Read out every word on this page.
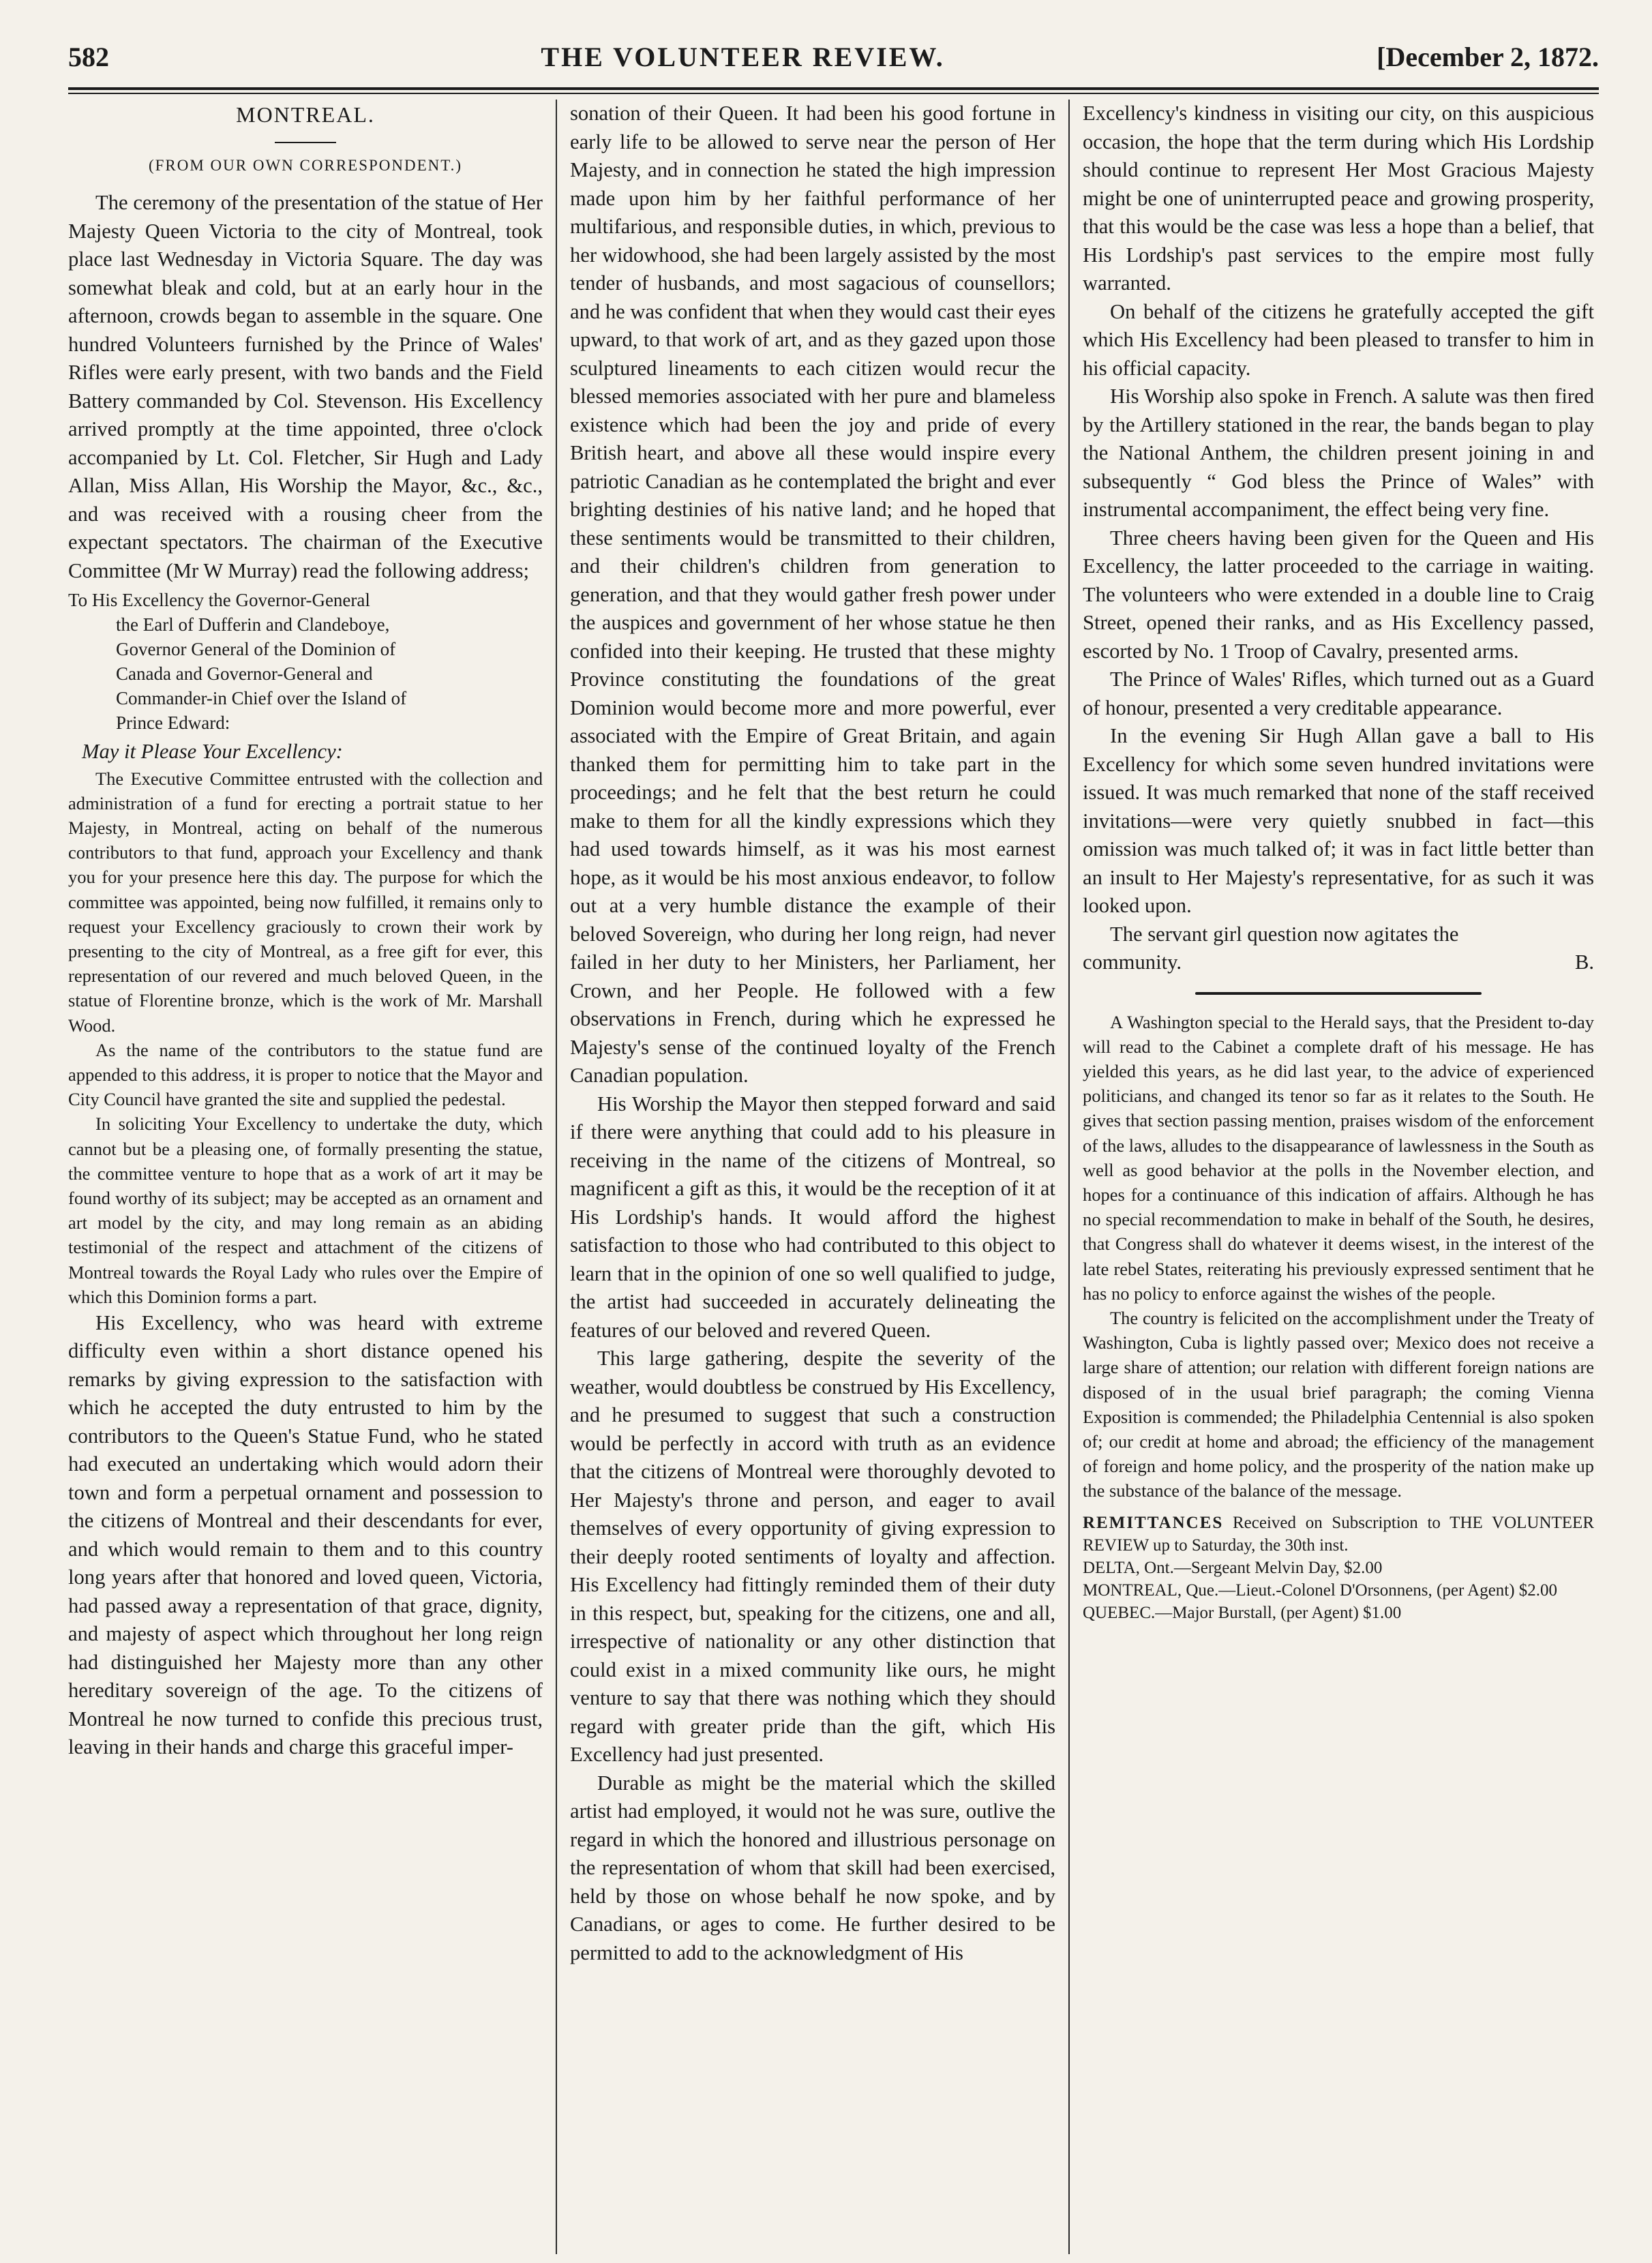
582	THE VOLUNTEER REVIEW.	[December 2, 1872.

MONTREAL.

(FROM OUR OWN CORRESPONDENT.)

The ceremony of the presentation of the statue of Her Majesty Queen Victoria to the city of Montreal, took place last Wednesday in Victoria Square. The day was somewhat bleak and cold, but at an early hour in the afternoon, crowds began to assemble in the square. One hundred Volunteers furnished by the Prince of Wales' Rifles were early present, with two bands and the Field Battery commanded by Col. Stevenson. His Excellency arrived promptly at the time appointed, three o'clock accompanied by Lt. Col. Fletcher, Sir Hugh and Lady Allan, Miss Allan, His Worship the Mayor, &c., &c., and was received with a rousing cheer from the expectant spectators. The chairman of the Executive Committee (Mr W Murray) read the following address;

To His Excellency the Governor-General

the Earl of Dufferin and Clandeboye,

Governor General of the Dominion of

Canada and Governor-General and

Commander-in Chief over the Island of

Prince Edward:

May it Please Your Excellency:

The Executive Committee entrusted with the collection and administration of a fund for erecting a portrait statue to her Majesty, in Montreal, acting on behalf of the numerous contributors to that fund, approach your Excellency and thank you for your presence here this day. The purpose for which the committee was appointed, being now fulfilled, it remains only to request your Excellency graciously to crown their work by presenting to the city of Montreal, as a free gift for ever, this representation of our revered and much beloved Queen, in the statue of Florentine bronze, which is the work of Mr. Marshall Wood.

As the name of the contributors to the statue fund are appended to this address, it is proper to notice that the Mayor and City Council have granted the site and supplied the pedestal.

In soliciting Your Excellency to undertake the duty, which cannot but be a pleasing one, of formally presenting the statue, the committee venture to hope that as a work of art it may be found worthy of its subject; may be accepted as an ornament and art model by the city, and may long remain as an abiding testimonial of the respect and attachment of the citizens of Montreal towards the Royal Lady who rules over the Empire of which this Dominion forms a part.

His Excellency, who was heard with extreme difficulty even within a short distance opened his remarks by giving expression to the satisfaction with which he accepted the duty entrusted to him by the contributors to the Queen's Statue Fund, who he stated had executed an undertaking which would adorn their town and form a perpetual ornament and possession to the citizens of Montreal and their descendants for ever, and which would remain to them and to this country long years after that honored and loved queen, Victoria, had passed away a representation of that grace, dignity, and majesty of aspect which throughout her long reign had distinguished her Majesty more than any other hereditary sovereign of the age. To the citizens of Montreal he now turned to confide this precious trust, leaving in their hands and charge this graceful imper-

sonation of their Queen. It had been his good fortune in early life to be allowed to serve near the person of Her Majesty, and in connection he stated the high impression made upon him by her faithful performance of her multifarious, and responsible duties, in which, previous to her widowhood, she had been largely assisted by the most tender of husbands, and most sagacious of counsellors; and he was confident that when they would cast their eyes upward, to that work of art, and as they gazed upon those sculptured lineaments to each citizen would recur the blessed memories associated with her pure and blameless existence which had been the joy and pride of every British heart, and above all these would inspire every patriotic Canadian as he contemplated the bright and ever brighting destinies of his native land; and he hoped that these sentiments would be transmitted to their children, and their children's children from generation to generation, and that they would gather fresh power under the auspices and government of her whose statue he then confided into their keeping. He trusted that these mighty Province constituting the foundations of the great Dominion would become more and more powerful, ever associated with the Empire of Great Britain, and again thanked them for permitting him to take part in the proceedings; and he felt that the best return he could make to them for all the kindly expressions which they had used towards himself, as it was his most earnest hope, as it would be his most anxious endeavor, to follow out at a very humble distance the example of their beloved Sovereign, who during her long reign, had never failed in her duty to her Ministers, her Parliament, her Crown, and her People. He followed with a few observations in French, during which he expressed he Majesty's sense of the continued loyalty of the French Canadian population.

His Worship the Mayor then stepped forward and said if there were anything that could add to his pleasure in receiving in the name of the citizens of Montreal, so magnificent a gift as this, it would be the reception of it at His Lordship's hands. It would afford the highest satisfaction to those who had contributed to this object to learn that in the opinion of one so well qualified to judge, the artist had succeeded in accurately delineating the features of our beloved and revered Queen.

This large gathering, despite the severity of the weather, would doubtless be construed by His Excellency, and he presumed to suggest that such a construction would be perfectly in accord with truth as an evidence that the citizens of Montreal were thoroughly devoted to Her Majesty's throne and person, and eager to avail themselves of every opportunity of giving expression to their deeply rooted sentiments of loyalty and affection. His Excellency had fittingly reminded them of their duty in this respect, but, speaking for the citizens, one and all, irrespective of nationality or any other distinction that could exist in a mixed community like ours, he might venture to say that there was nothing which they should regard with greater pride than the gift, which His Excellency had just presented.

Durable as might be the material which the skilled artist had employed, it would not he was sure, outlive the regard in which the honored and illustrious personage on the representation of whom that skill had been exercised, held by those on whose behalf he now spoke, and by Canadians, or ages to come. He further desired to be permitted to add to the acknowledgment of His

Excellency's kindness in visiting our city, on this auspicious occasion, the hope that the term during which His Lordship should continue to represent Her Most Gracious Majesty might be one of uninterrupted peace and growing prosperity, that this would be the case was less a hope than a belief, that His Lordship's past services to the empire most fully warranted.

On behalf of the citizens he gratefully accepted the gift which His Excellency had been pleased to transfer to him in his official capacity.

His Worship also spoke in French. A salute was then fired by the Artillery stationed in the rear, the bands began to play the National Anthem, the children present joining in and subsequently “ God bless the Prince of Wales” with instrumental accompaniment, the effect being very fine.

Three cheers having been given for the Queen and His Excellency, the latter proceeded to the carriage in waiting. The volunteers who were extended in a double line to Craig Street, opened their ranks, and as His Excellency passed, escorted by No. 1 Troop of Cavalry, presented arms.

The Prince of Wales' Rifles, which turned out as a Guard of honour, presented a very creditable appearance.

In the evening Sir Hugh Allan gave a ball to His Excellency for which some seven hundred invitations were issued. It was much remarked that none of the staff received invitations—were very quietly snubbed in fact—this omission was much talked of; it was in fact little better than an insult to Her Majesty's representative, for as such it was looked upon.

The servant girl question now agitates the

community.	B.

A Washington special to the Herald says, that the President to-day will read to the Cabinet a complete draft of his message. He has yielded this years, as he did last year, to the advice of experienced politicians, and changed its tenor so far as it relates to the South. He gives that section passing mention, praises wisdom of the enforcement of the laws, alludes to the disappearance of lawlessness in the South as well as good behavior at the polls in the November election, and hopes for a continuance of this indication of affairs. Although he has no special recommendation to make in behalf of the South, he desires, that Congress shall do whatever it deems wisest, in the interest of the late rebel States, reiterating his previously expressed sentiment that he has no policy to enforce against the wishes of the people.

The country is felicited on the accomplishment under the Treaty of Washington, Cuba is lightly passed over; Mexico does not receive a large share of attention; our relation with different foreign nations are disposed of in the usual brief paragraph; the coming Vienna Exposition is commended; the Philadelphia Centennial is also spoken of; our credit at home and abroad; the efficiency of the management of foreign and home policy, and the prosperity of the nation make up the substance of the balance of the message.

REMITTANCES Received on Subscription to THE VOLUNTEER REVIEW up to Saturday, the 30th inst.

DELTA, Ont.—Sergeant Melvin Day, $2.00

MONTREAL, Que.—Lieut.-Colonel D'Orsonnens, (per Agent) $2.00

QUEBEC.—Major Burstall, (per Agent) $1.00
